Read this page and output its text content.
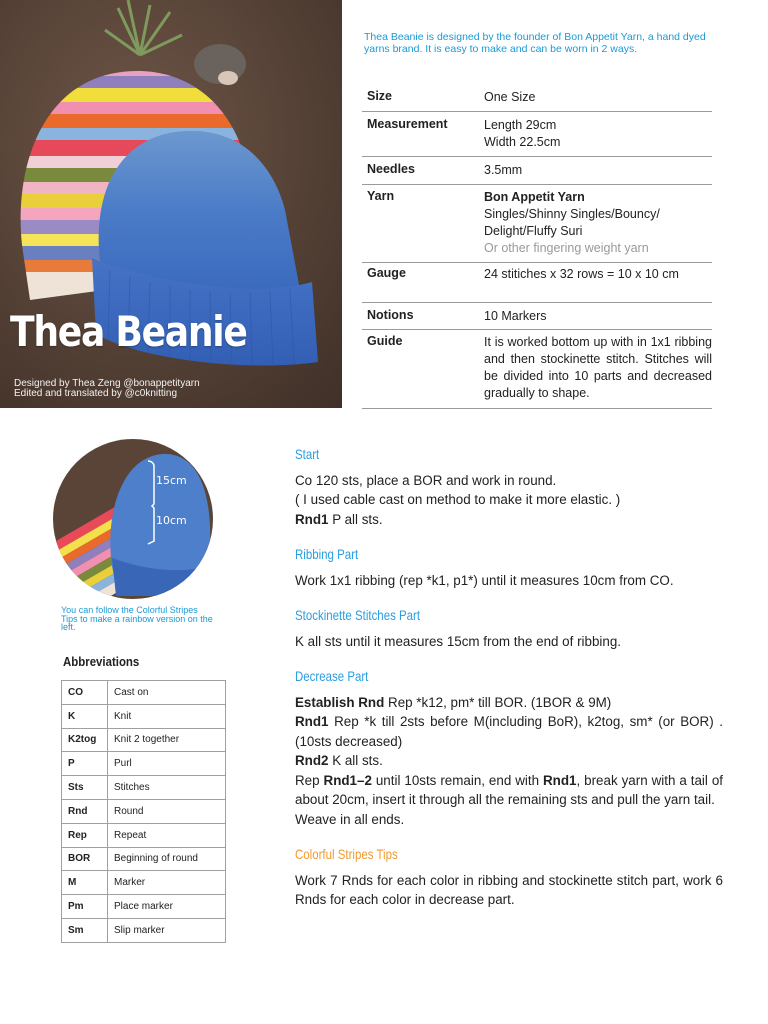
Thea Beanie
Designed by Thea Zeng @bonappetityarn
Edited and translated by @c0knitting
Thea Beanie is designed by the founder of Bon Appetit Yarn, a hand dyed yarns brand. It is easy to make and can be worn in 2 ways.
Size	One Size
Measurement	Length 29cm
Width 22.5cm
Needles	3.5mm
Yarn	Bon Appetit Yarn
Singles/Shinny Singles/Bouncy/
Delight/Fluffy Suri
Or other fingering weight yarn
Gauge	24 stitiches x 32 rows = 10 x 10 cm
Notions	10 Markers
Guide	It is worked bottom up with in 1x1 ribbing and then stockinette stitch. Stitches will be divided into 10 parts and decreased gradually to shape.
15cm
10cm
You can follow the Colorful Stripes Tips to make a rainbow version on the left.
Abbreviations
CO	Cast on
K	Knit
K2tog	Knit 2 together
P	Purl
Sts	Stitches
Rnd	Round
Rep	Repeat
BOR	Beginning of round
M	Marker
Pm	Place marker
Sm	Slip marker
Start
Co 120 sts, place a BOR and work in round.
( I used cable cast on method to make it more elastic. )
Rnd1 P all sts.
Ribbing Part
Work 1x1 ribbing (rep *k1, p1*) until it measures 10cm from CO.
Stockinette Stitches Part
K all sts until it measures 15cm from the end of ribbing.
Decrease Part
Establish Rnd Rep *k12, pm* till BOR. (1BOR & 9M)
Rnd1 Rep *k till 2sts before M(including BoR), k2tog, sm* (or BOR) . (10sts decreased)
Rnd2 K all sts.
Rep Rnd1–2 until 10sts remain, end with Rnd1, break yarn with a tail of about 20cm, insert it through all the remaining sts and pull the yarn tail.
Weave in all ends.
Colorful Stripes Tips
Work 7 Rnds for each color in ribbing and stockinette stitch part, work 6 Rnds for each color in decrease part.
